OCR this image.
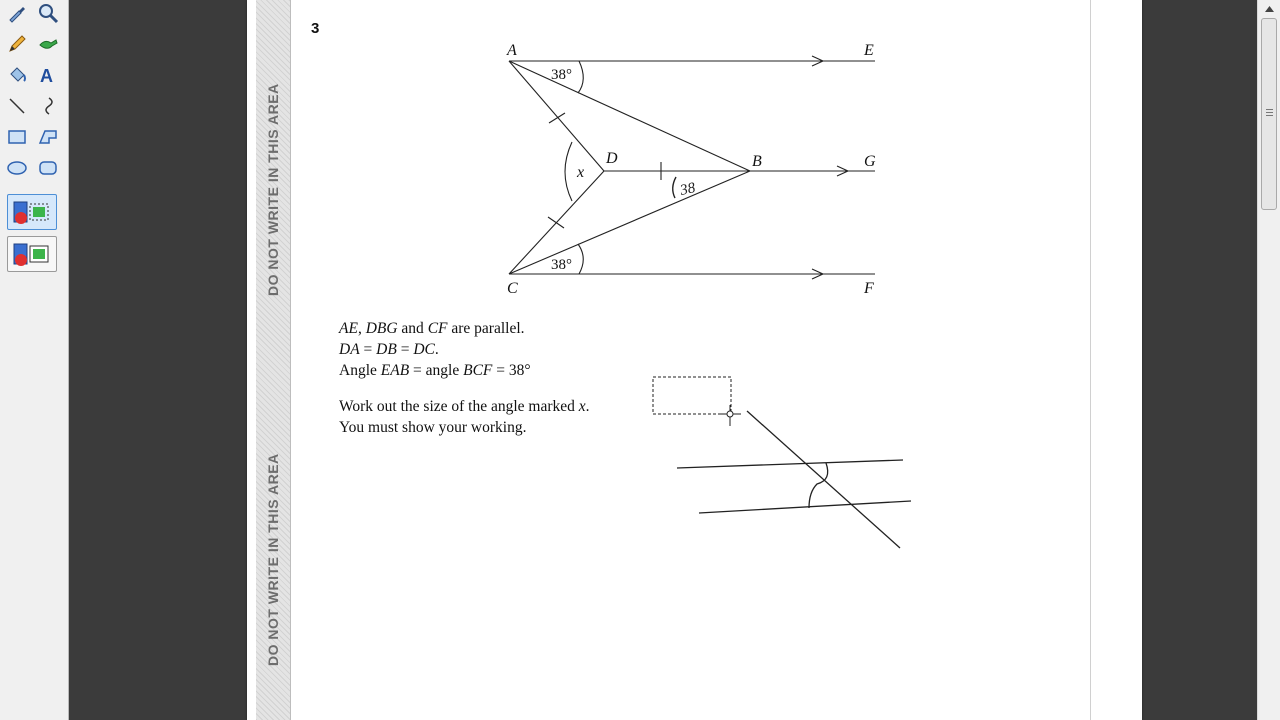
A
DO NOT WRITE IN THIS AREA
DO NOT WRITE IN THIS AREA
3
A	E
D	B	G
C	F
38°
38°
x
38
AE, DBG and CF are parallel.
DA = DB = DC.
Angle EAB = angle BCF = 38°
Work out the size of the angle marked x.
You must show your working.
